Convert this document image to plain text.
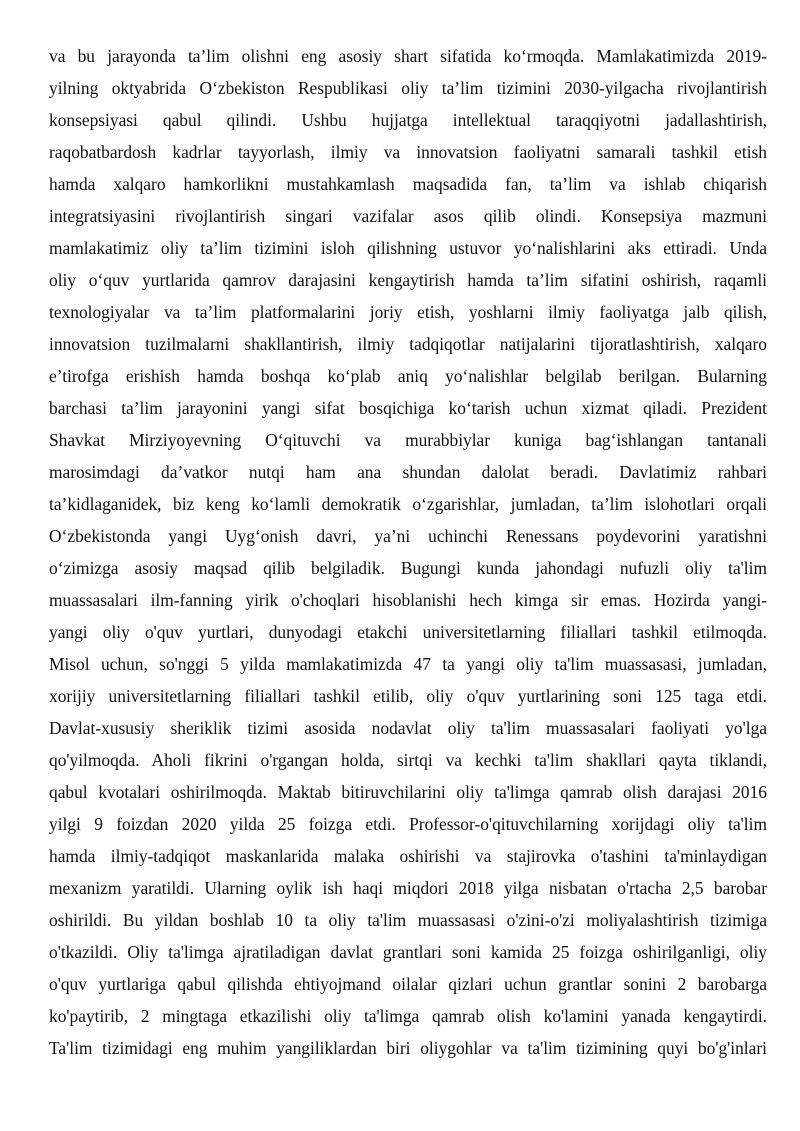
va bu jarayonda ta’lim olishni eng asosiy shart sifatida ko‘rmoqda. Mamlakatimizda 2019-
yilning oktyabrida O‘zbekiston Respublikasi oliy ta’lim tizimini 2030-yilgacha rivojlantirish
konsepsiyasi qabul qilindi. Ushbu hujjatga intellektual taraqqiyotni jadallashtirish,
raqobatbardosh kadrlar tayyorlash, ilmiy va innovatsion faoliyatni samarali tashkil etish
hamda xalqaro hamkorlikni mustahkamlash maqsadida fan, ta’lim va ishlab chiqarish
integratsiyasini rivojlantirish singari vazifalar asos qilib olindi. Konsepsiya mazmuni
mamlakatimiz oliy ta’lim tizimini isloh qilishning ustuvor yo‘nalishlarini aks ettiradi. Unda
oliy o‘quv yurtlarida qamrov darajasini kengaytirish hamda ta’lim sifatini oshirish, raqamli
texnologiyalar va ta’lim platformalarini joriy etish, yoshlarni ilmiy faoliyatga jalb qilish,
innovatsion tuzilmalarni shakllantirish, ilmiy tadqiqotlar natijalarini tijoratlashtirish, xalqaro
e’tirofga erishish hamda boshqa ko‘plab aniq yo‘nalishlar belgilab berilgan. Bularning
barchasi ta’lim jarayonini yangi sifat bosqichiga ko‘tarish uchun xizmat qiladi. Prezident
Shavkat Mirziyoyevning O‘qituvchi va murabbiylar kuniga bag‘ishlangan tantanali
marosimdagi da’vatkor nutqi ham ana shundan dalolat beradi. Davlatimiz rahbari
ta’kidlaganidek, biz keng ko‘lamli demokratik o‘zgarishlar, jumladan, ta’lim islohotlari orqali
O‘zbekistonda yangi Uyg‘onish davri, ya’ni uchinchi Renessans poydevorini yaratishni
o‘zimizga asosiy maqsad qilib belgiladik. Bugungi kunda jahondagi nufuzli oliy ta'lim
muassasalari ilm-fanning yirik o'choqlari hisoblanishi hech kimga sir emas. Hozirda yangi-
yangi oliy o'quv yurtlari, dunyodagi etakchi universitetlarning filiallari tashkil etilmoqda.
Misol uchun, so'nggi 5 yilda mamlakatimizda 47 ta yangi oliy ta'lim muassasasi, jumladan,
xorijiy universitetlarning filiallari tashkil etilib, oliy o'quv yurtlarining soni 125 taga etdi.
Davlat-xususiy sheriklik tizimi asosida nodavlat oliy ta'lim muassasalari faoliyati yo'lga
qo'yilmoqda. Aholi fikrini o'rgangan holda, sirtqi va kechki ta'lim shakllari qayta tiklandi,
qabul kvotalari oshirilmoqda. Maktab bitiruvchilarini oliy ta'limga qamrab olish darajasi 2016
yilgi 9 foizdan 2020 yilda 25 foizga etdi. Professor-o'qituvchilarning xorijdagi oliy ta'lim
hamda ilmiy-tadqiqot maskanlarida malaka oshirishi va stajirovka o'tashini ta'minlaydigan
mexanizm yaratildi. Ularning oylik ish haqi miqdori 2018 yilga nisbatan o'rtacha 2,5 barobar
oshirildi. Bu yildan boshlab 10 ta oliy ta'lim muassasasi o'zini-o'zi moliyalashtirish tizimiga
o'tkazildi. Oliy ta'limga ajratiladigan davlat grantlari soni kamida 25 foizga oshirilganligi, oliy
o'quv yurtlariga qabul qilishda ehtiyojmand oilalar qizlari uchun grantlar sonini 2 barobarga
ko'paytirib, 2 mingtaga etkazilishi oliy ta'limga qamrab olish ko'lamini yanada kengaytirdi.
Ta'lim tizimidagi eng muhim yangiliklardan biri oliygohlar va ta'lim tizimining quyi bo'g'inlari
